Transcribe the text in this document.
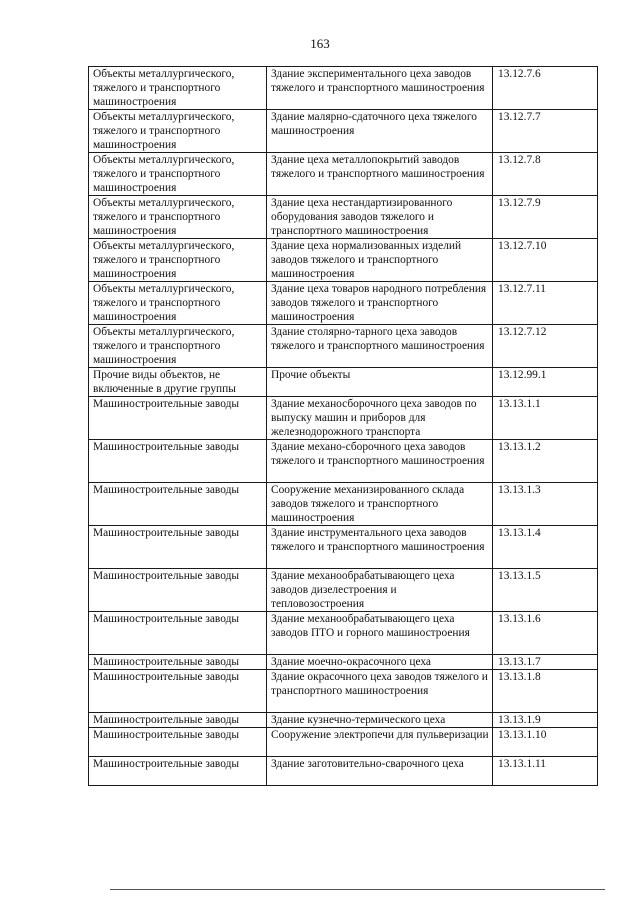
163
Объекты металлургического, тяжелого и транспортного машиностроения	Здание экспериментального цеха заводов тяжелого и транспортного машиностроения	13.12.7.6
Объекты металлургического, тяжелого и транспортного машиностроения	Здание малярно-сдаточного цеха тяжелого машиностроения	13.12.7.7
Объекты металлургического, тяжелого и транспортного машиностроения	Здание цеха металлопокрытий заводов тяжелого и транспортного машиностроения	13.12.7.8
Объекты металлургического, тяжелого и транспортного машиностроения	Здание цеха нестандартизированного оборудования заводов тяжелого и транспортного машиностроения	13.12.7.9
Объекты металлургического, тяжелого и транспортного машиностроения	Здание цеха нормализованных изделий заводов тяжелого и транспортного машиностроения	13.12.7.10
Объекты металлургического, тяжелого и транспортного машиностроения	Здание цеха товаров народного потребления заводов тяжелого и транспортного машиностроения	13.12.7.11
Объекты металлургического, тяжелого и транспортного машиностроения	Здание столярно-тарного цеха заводов тяжелого и транспортного машиностроения	13.12.7.12
Прочие виды объектов, не включенные в другие группы	Прочие объекты	13.12.99.1
Машиностроительные заводы	Здание механосборочного цеха заводов по выпуску машин и приборов для железнодорожного транспорта	13.13.1.1
Машиностроительные заводы	Здание механо-сборочного цеха заводов тяжелого и транспортного машиностроения	13.13.1.2
Машиностроительные заводы	Сооружение механизированного склада заводов тяжелого и транспортного машиностроения	13.13.1.3
Машиностроительные заводы	Здание инструментального цеха заводов тяжелого и транспортного машиностроения	13.13.1.4
Машиностроительные заводы	Здание механообрабатывающего цеха заводов дизелестроения и тепловозостроения	13.13.1.5
Машиностроительные заводы	Здание механообрабатывающего цеха заводов ПТО и горного машиностроения	13.13.1.6
Машиностроительные заводы	Здание моечно-окрасочного цеха	13.13.1.7
Машиностроительные заводы	Здание окрасочного цеха заводов тяжелого и транспортного машиностроения	13.13.1.8
Машиностроительные заводы	Здание кузнечно-термического цеха	13.13.1.9
Машиностроительные заводы	Сооружение электропечи для пульверизации	13.13.1.10
Машиностроительные заводы	Здание заготовительно-сварочного цеха	13.13.1.11
